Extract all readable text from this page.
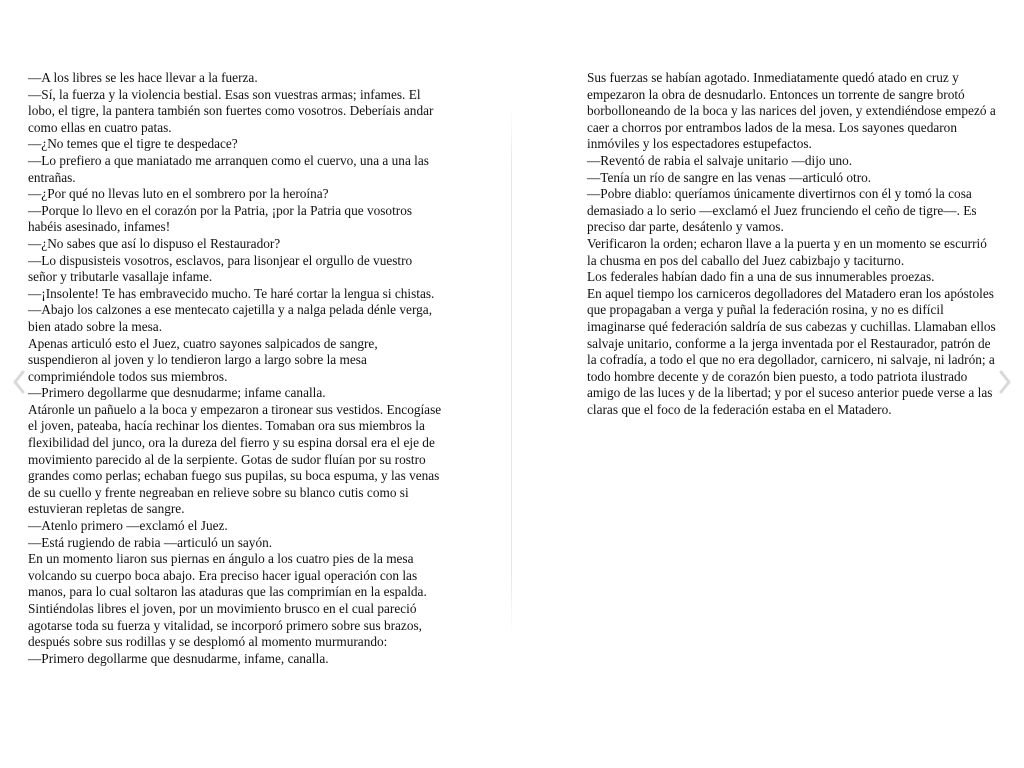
—A los libres se les hace llevar a la fuerza.

—Sí, la fuerza y la violencia bestial. Esas son vuestras armas; infames. El lobo, el tigre, la pantera también son fuertes como vosotros. Deberíais andar como ellas en cuatro patas.

—¿No temes que el tigre te despedace?

—Lo prefiero a que maniatado me arranquen como el cuervo, una a una las entrañas.

—¿Por qué no llevas luto en el sombrero por la heroína?

—Porque lo llevo en el corazón por la Patria, ¡por la Patria que vosotros habéis asesinado, infames!

—¿No sabes que así lo dispuso el Restaurador?

—Lo dispusisteis vosotros, esclavos, para lisonjear el orgullo de vuestro señor y tributarle vasallaje infame.

—¡Insolente! Te has embravecido mucho. Te haré cortar la lengua si chistas.

—Abajo los calzones a ese mentecato cajetilla y a nalga pelada dénle verga, bien atado sobre la mesa.

Apenas articuló esto el Juez, cuatro sayones salpicados de sangre, suspendieron al joven y lo tendieron largo a largo sobre la mesa comprimiéndole todos sus miembros.

—Primero degollarme que desnudarme; infame canalla.

Atáronle un pañuelo a la boca y empezaron a tironear sus vestidos. Encogíase el joven, pateaba, hacía rechinar los dientes. Tomaban ora sus miembros la flexibilidad del junco, ora la dureza del fierro y su espina dorsal era el eje de movimiento parecido al de la serpiente. Gotas de sudor fluían por su rostro grandes como perlas; echaban fuego sus pupilas, su boca espuma, y las venas de su cuello y frente negreaban en relieve sobre su blanco cutis como si estuvieran repletas de sangre.

—Atenlo primero —exclamó el Juez.

—Está rugiendo de rabia —articuló un sayón.

En un momento liaron sus piernas en ángulo a los cuatro pies de la mesa volcando su cuerpo boca abajo. Era preciso hacer igual operación con las manos, para lo cual soltaron las ataduras que las comprimían en la espalda. Sintiéndolas libres el joven, por un movimiento brusco en el cual pareció agotarse toda su fuerza y vitalidad, se incorporó primero sobre sus brazos, después sobre sus rodillas y se desplomó al momento murmurando:

—Primero degollarme que desnudarme, infame, canalla.

Sus fuerzas se habían agotado. Inmediatamente quedó atado en cruz y empezaron la obra de desnudarlo. Entonces un torrente de sangre brotó borbolloneando de la boca y las narices del joven, y extendiéndose empezó a caer a chorros por entrambos lados de la mesa. Los sayones quedaron inmóviles y los espectadores estupefactos.

—Reventó de rabia el salvaje unitario —dijo uno.

—Tenía un río de sangre en las venas —articuló otro.

—Pobre diablo: queríamos únicamente divertirnos con él y tomó la cosa demasiado a lo serio —exclamó el Juez frunciendo el ceño de tigre—. Es preciso dar parte, desátenlo y vamos.

Verificaron la orden; echaron llave a la puerta y en un momento se escurrió la chusma en pos del caballo del Juez cabizbajo y taciturno.

Los federales habían dado fin a una de sus innumerables proezas.

En aquel tiempo los carniceros degolladores del Matadero eran los apóstoles que propagaban a verga y puñal la federación rosina, y no es difícil imaginarse qué federación saldría de sus cabezas y cuchillas. Llamaban ellos salvaje unitario, conforme a la jerga inventada por el Restaurador, patrón de la cofradía, a todo el que no era degollador, carnicero, ni salvaje, ni ladrón; a todo hombre decente y de corazón bien puesto, a todo patriota ilustrado amigo de las luces y de la libertad; y por el suceso anterior puede verse a las claras que el foco de la federación estaba en el Matadero.
